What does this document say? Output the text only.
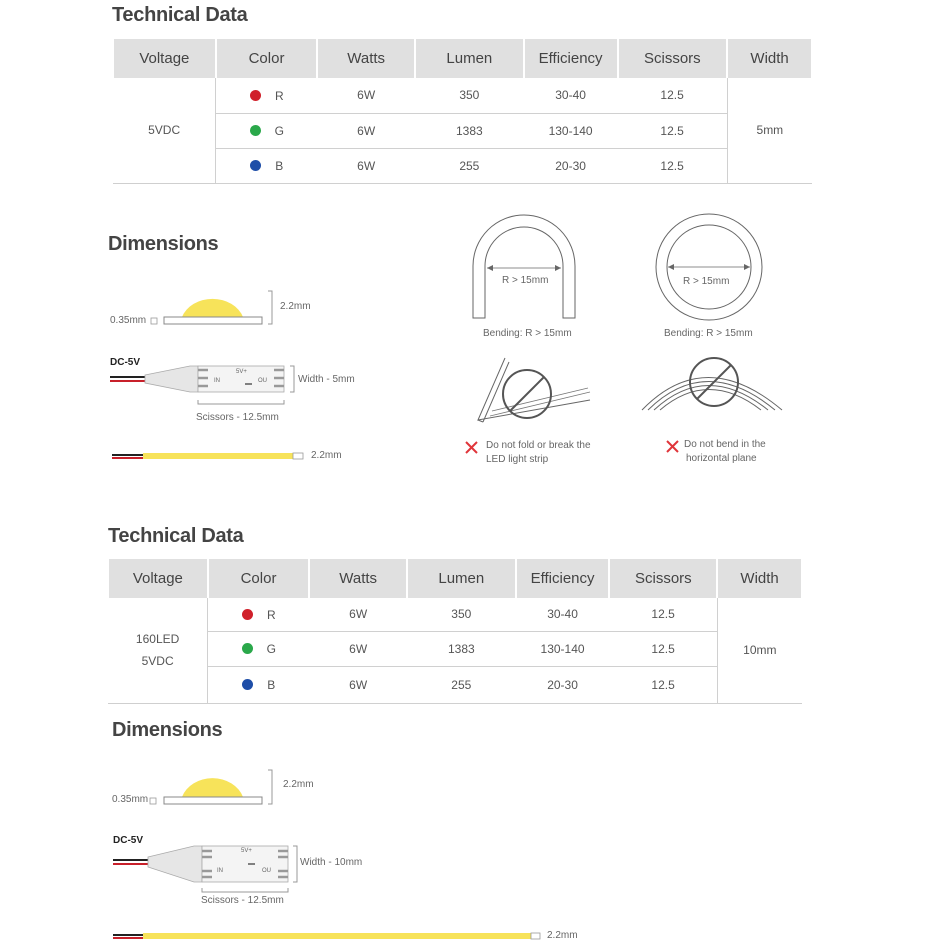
Technical Data
Voltage	Color	Watts	Lumen	Efficiency	Scissors	Width
5VDC	R	6W	350	30-40	12.5	5mm
	G	6W	1383	130-140	12.5	
	B	6W	255	20-30	12.5	
Dimensions
0.35mm
2.2mm
DC-5V
5V+
IN	OU	Width - 5mm
Scissors - 12.5mm
2.2mm
R > 15mm	R > 15mm
Bending: R > 15mm	Bending: R > 15mm
Do not fold or break the
LED light strip
Do not bend in the
horizontal plane
Technical Data
Voltage	Color	Watts	Lumen	Efficiency	Scissors	Width

160LED
5VDC	R	6W	350	30-40	12.5	10mm
	G	6W	1383	130-140	12.5	
	B	6W	255	20-30	12.5	
Dimensions
0.35mm
2.2mm
DC-5V
5V+
IN	OU
Width - 10mm
Scissors - 12.5mm
2.2mm
